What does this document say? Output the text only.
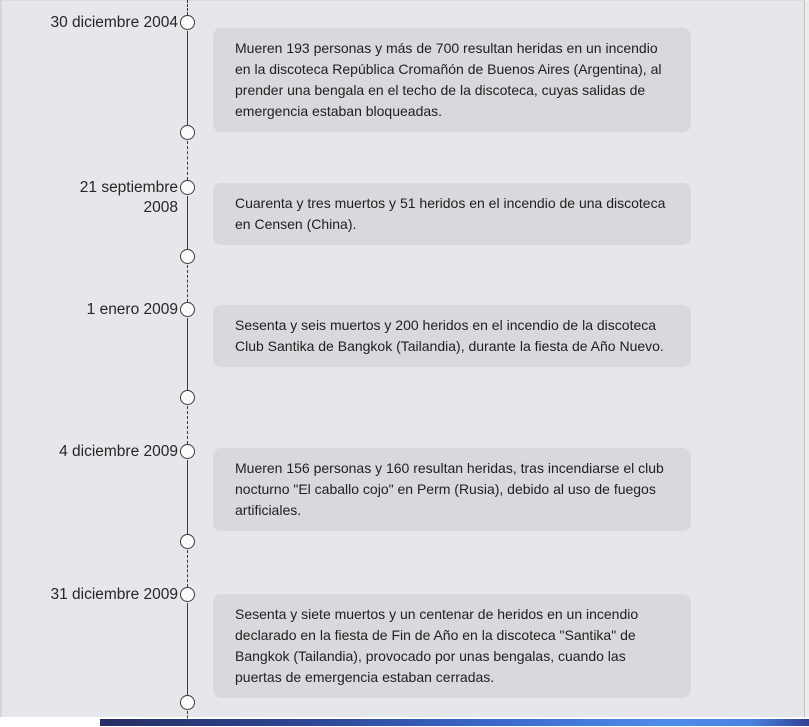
30 diciembre 2004
Mueren 193 personas y más de 700 resultan heridas en un incendio en la discoteca República Cromañón de Buenos Aires (Argentina), al prender una bengala en el techo de la discoteca, cuyas salidas de emergencia estaban bloqueadas.
21 septiembre 2008	Cuarenta y tres muertos y 51 heridos en el incendio de una discoteca en Censen (China).
1 enero 2009
Sesenta y seis muertos y 200 heridos en el incendio de la discoteca Club Santika de Bangkok (Tailandia), durante la fiesta de Año Nuevo.
4 diciembre 2009
Mueren 156 personas y 160 resultan heridas, tras incendiarse el club nocturno "El caballo cojo" en Perm (Rusia), debido al uso de fuegos artificiales.
31 diciembre 2009
Sesenta y siete muertos y un centenar de heridos en un incendio declarado en la fiesta de Fin de Año en la discoteca "Santika" de Bangkok (Tailandia), provocado por unas bengalas, cuando las puertas de emergencia estaban cerradas.
